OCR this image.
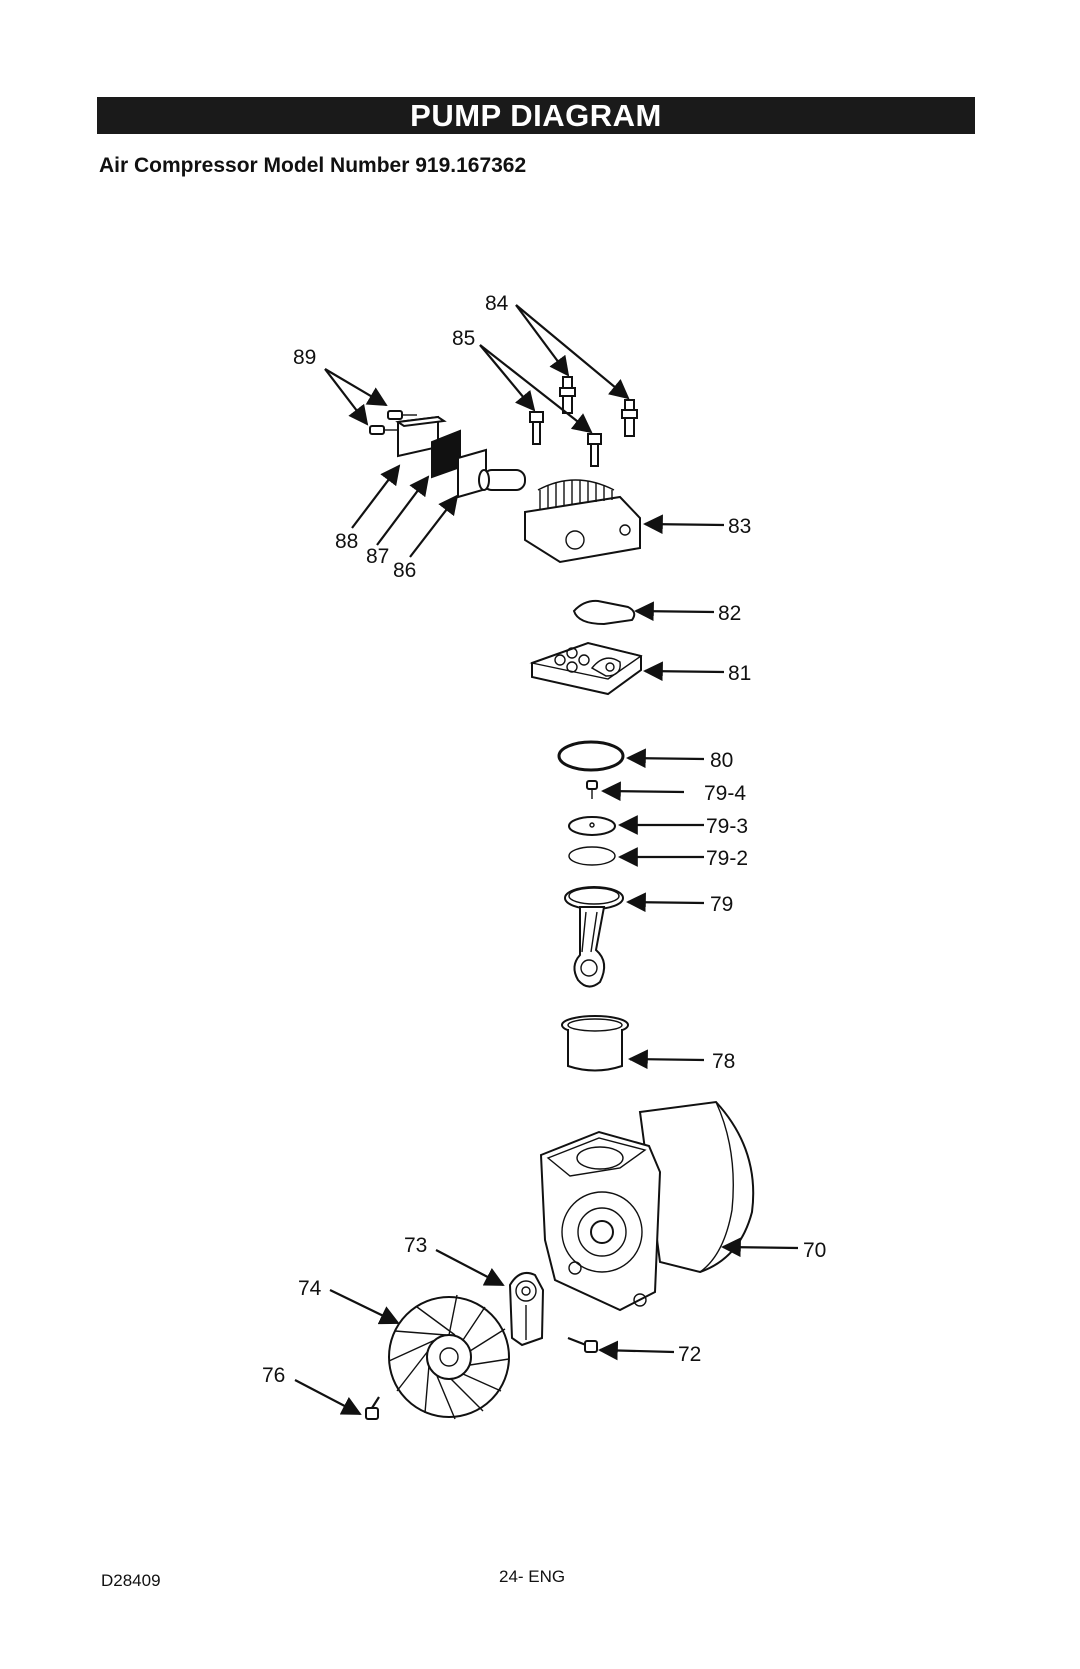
PUMP DIAGRAM
Air Compressor Model Number 919.167362
84
85
89
83
88
87
86
82
81
80
79-4
79-3
79-2
79
78
70
73
74
72
76
D28409	24- ENG
